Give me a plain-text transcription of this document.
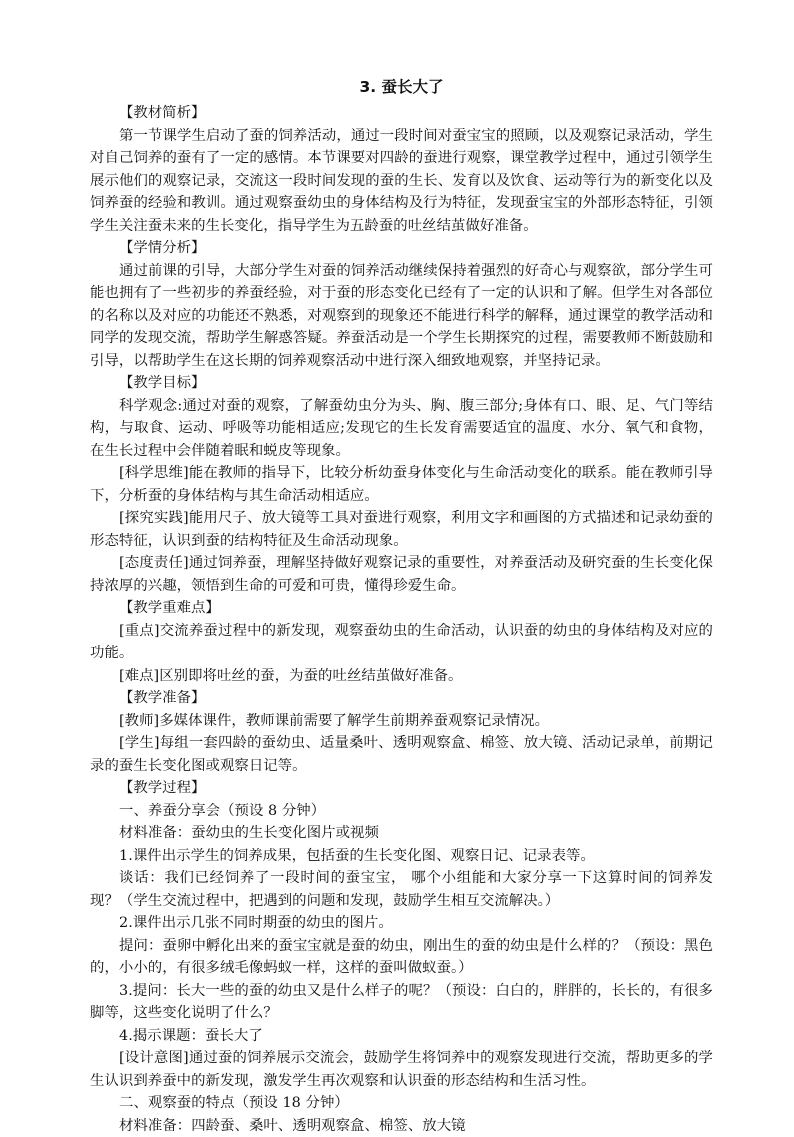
3. 蚕长大了
【教材简析】

第一节课学生启动了蚕的饲养活动，通过一段时间对蚕宝宝的照顾，以及观察记录活动，学生对自己饲养的蚕有了一定的感情。本节课要对四龄的蚕进行观察，课堂教学过程中，通过引领学生展示他们的观察记录，交流这一段时间发现的蚕的生长、发育以及饮食、运动等行为的新变化以及饲养蚕的经验和教训。通过观察蚕幼虫的身体结构及行为特征，发现蚕宝宝的外部形态特征，引领学生关注蚕未来的生长变化，指导学生为五龄蚕的吐丝结茧做好准备。

【学情分析】

通过前课的引导，大部分学生对蚕的饲养活动继续保持着强烈的好奇心与观察欲，部分学生可能也拥有了一些初步的养蚕经验，对于蚕的形态变化已经有了一定的认识和了解。但学生对各部位的名称以及对应的功能还不熟悉，对观察到的现象还不能进行科学的解释，通过课堂的教学活动和同学的发现交流，帮助学生解惑答疑。养蚕活动是一个学生长期探究的过程，需要教师不断鼓励和引导，以帮助学生在这长期的饲养观察活动中进行深入细致地观察，并坚持记录。

【教学目标】

科学观念:通过对蚕的观察，了解蚕幼虫分为头、胸、腹三部分;身体有口、眼、足、气门等结构，与取食、运动、呼吸等功能相适应;发现它的生长发育需要适宜的温度、水分、氧气和食物，在生长过程中会伴随着眠和蜕皮等现象。

[科学思维]能在教师的指导下，比较分析幼蚕身体变化与生命活动变化的联系。能在教师引导下，分析蚕的身体结构与其生命活动相适应。

[探究实践]能用尺子、放大镜等工具对蚕进行观察，利用文字和画图的方式描述和记录幼蚕的形态特征，认识到蚕的结构特征及生命活动现象。

[态度责任]通过饲养蚕，理解坚持做好观察记录的重要性，对养蚕活动及研究蚕的生长变化保持浓厚的兴趣，领悟到生命的可爱和可贵，懂得珍爱生命。

【教学重难点】

[重点]交流养蚕过程中的新发现，观察蚕幼虫的生命活动，认识蚕的幼虫的身体结构及对应的功能。

[难点]区别即将吐丝的蚕，为蚕的吐丝结茧做好准备。

【教学准备】

[教师]多媒体课件，教师课前需要了解学生前期养蚕观察记录情况。

[学生]每组一套四龄的蚕幼虫、适量桑叶、透明观察盒、棉签、放大镜、活动记录单，前期记录的蚕生长变化图或观察日记等。

【教学过程】

一、养蚕分享会（预设 8 分钟）

材料准备：蚕幼虫的生长变化图片或视频

1.课件出示学生的饲养成果，包括蚕的生长变化图、观察日记、记录表等。

谈话：我们已经饲养了一段时间的蚕宝宝， 哪个小组能和大家分享一下这算时间的饲养发现？（学生交流过程中，把遇到的问题和发现，鼓励学生相互交流解决。）

2.课件出示几张不同时期蚕的幼虫的图片。

提问：蚕卵中孵化出来的蚕宝宝就是蚕的幼虫，刚出生的蚕的幼虫是什么样的？（预设：黑色的，小小的，有很多绒毛像蚂蚁一样，这样的蚕叫做蚁蚕。）

3.提问：长大一些的蚕的幼虫又是什么样子的呢？（预设：白白的，胖胖的，长长的，有很多脚等，这些变化说明了什么？

4.揭示课题：蚕长大了

[设计意图]通过蚕的饲养展示交流会，鼓励学生将饲养中的观察发现进行交流，帮助更多的学生认识到养蚕中的新发现，激发学生再次观察和认识蚕的形态结构和生活习性。

二、观察蚕的特点（预设 18 分钟）

材料准备：四龄蚕、桑叶、透明观察盒、棉签、放大镜
